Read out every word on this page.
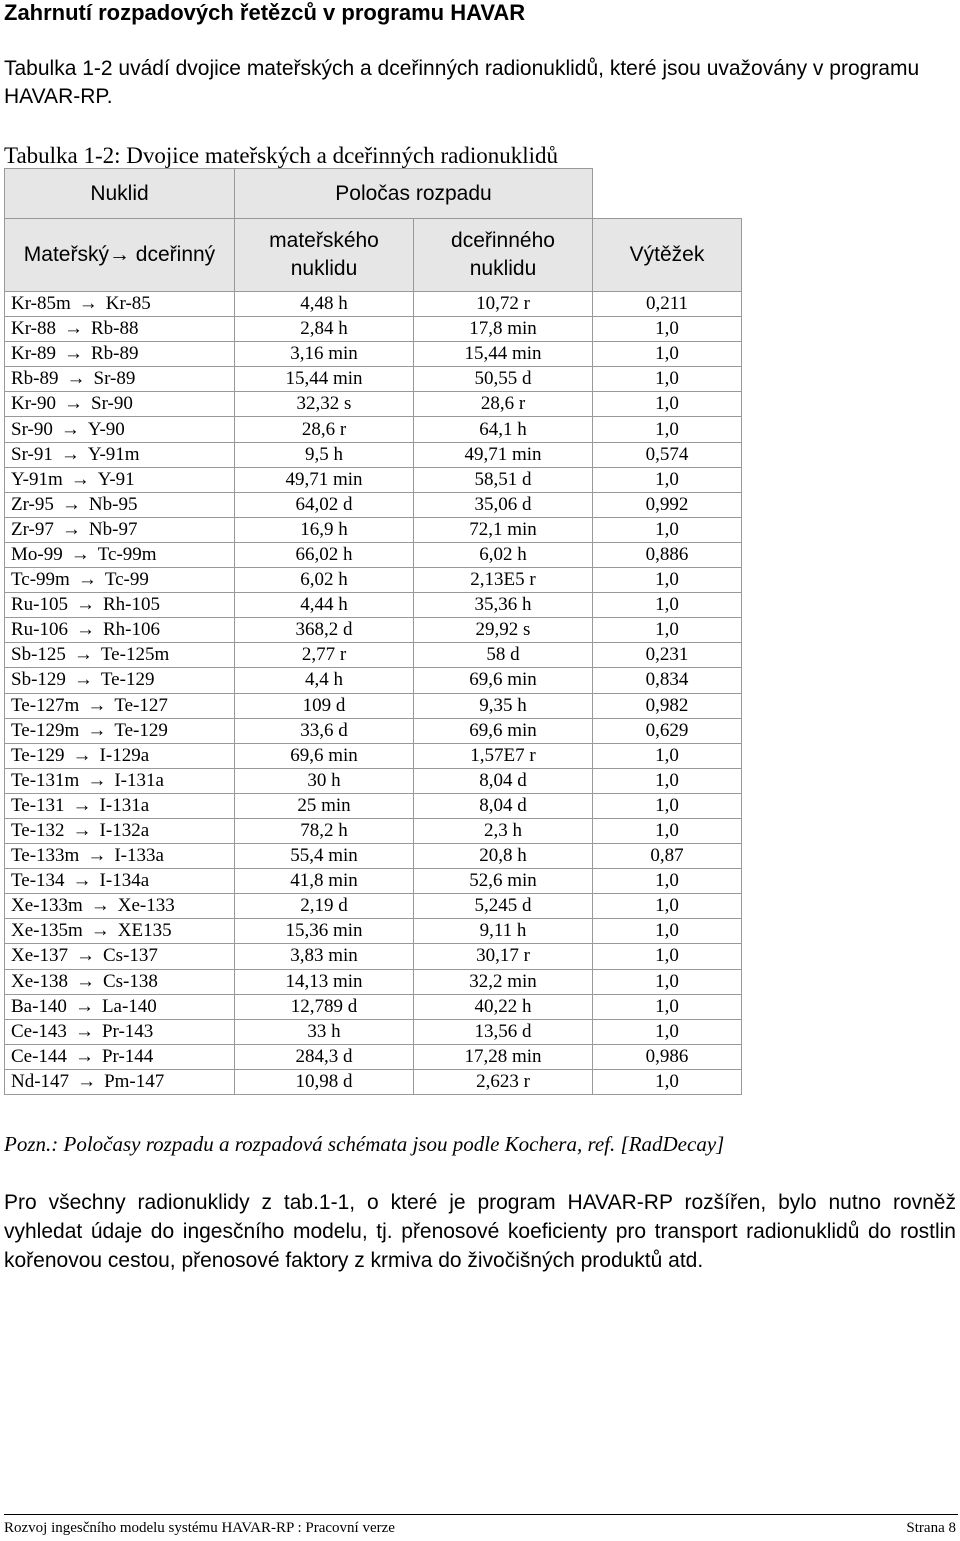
Zahrnutí rozpadových řetězců v programu HAVAR
Tabulka 1-2 uvádí dvojice mateřských a dceřinných radionuklidů, které jsou uvažovány v programu HAVAR-RP.
Tabulka 1-2: Dvojice mateřských a dceřinných radionuklidů
Nuklid	Poločas rozpadu		
Mateřský→ dceřinný	mateřského nuklidu	dceřinného nuklidu	Výtěžek
Kr-85m → Kr-85	4,48 h	10,72 r	0,211
Kr-88 → Rb-88	2,84 h	17,8 min	1,0
Kr-89 → Rb-89	3,16 min	15,44 min	1,0
Rb-89 → Sr-89	15,44 min	50,55 d	1,0
Kr-90 → Sr-90	32,32 s	28,6 r	1,0
Sr-90 → Y-90	28,6 r	64,1 h	1,0
Sr-91 → Y-91m	9,5 h	49,71 min	0,574
Y-91m → Y-91	49,71 min	58,51 d	1,0
Zr-95 → Nb-95	64,02 d	35,06 d	0,992
Zr-97 → Nb-97	16,9 h	72,1 min	1,0
Mo-99 → Tc-99m	66,02 h	6,02 h	0,886
Tc-99m → Tc-99	6,02 h	2,13E5 r	1,0
Ru-105 → Rh-105	4,44 h	35,36 h	1,0
Ru-106 → Rh-106	368,2 d	29,92 s	1,0
Sb-125 → Te-125m	2,77 r	58 d	0,231
Sb-129 → Te-129	4,4 h	69,6 min	0,834
Te-127m → Te-127	109 d	9,35 h	0,982
Te-129m → Te-129	33,6 d	69,6 min	0,629
Te-129 → I-129a	69,6 min	1,57E7 r	1,0
Te-131m → I-131a	30 h	8,04 d	1,0
Te-131 → I-131a	25 min	8,04 d	1,0
Te-132 → I-132a	78,2 h	2,3 h	1,0
Te-133m → I-133a	55,4 min	20,8 h	0,87
Te-134 → I-134a	41,8 min	52,6 min	1,0
Xe-133m → Xe-133	2,19 d	5,245 d	1,0
Xe-135m → XE135	15,36 min	9,11 h	1,0
Xe-137 → Cs-137	3,83 min	30,17 r	1,0
Xe-138 → Cs-138	14,13 min	32,2 min	1,0
Ba-140 → La-140	12,789 d	40,22 h	1,0
Ce-143 → Pr-143	33 h	13,56 d	1,0
Ce-144 → Pr-144	284,3 d	17,28 min	0,986
Nd-147 → Pm-147	10,98 d	2,623 r	1,0
Pozn.: Poločasy rozpadu a rozpadová schémata jsou podle Kochera, ref. [RadDecay]
Pro všechny radionuklidy z tab.1-1, o které je program HAVAR-RP rozšířen, bylo nutno rovněž vyhledat údaje do ingesčního modelu, tj. přenosové koeficienty pro transport radionuklidů do rostlin kořenovou cestou, přenosové faktory z krmiva do živočišných produktů atd.
Rozvoj ingesčního modelu systému HAVAR-RP : Pracovní verze	Strana 8
